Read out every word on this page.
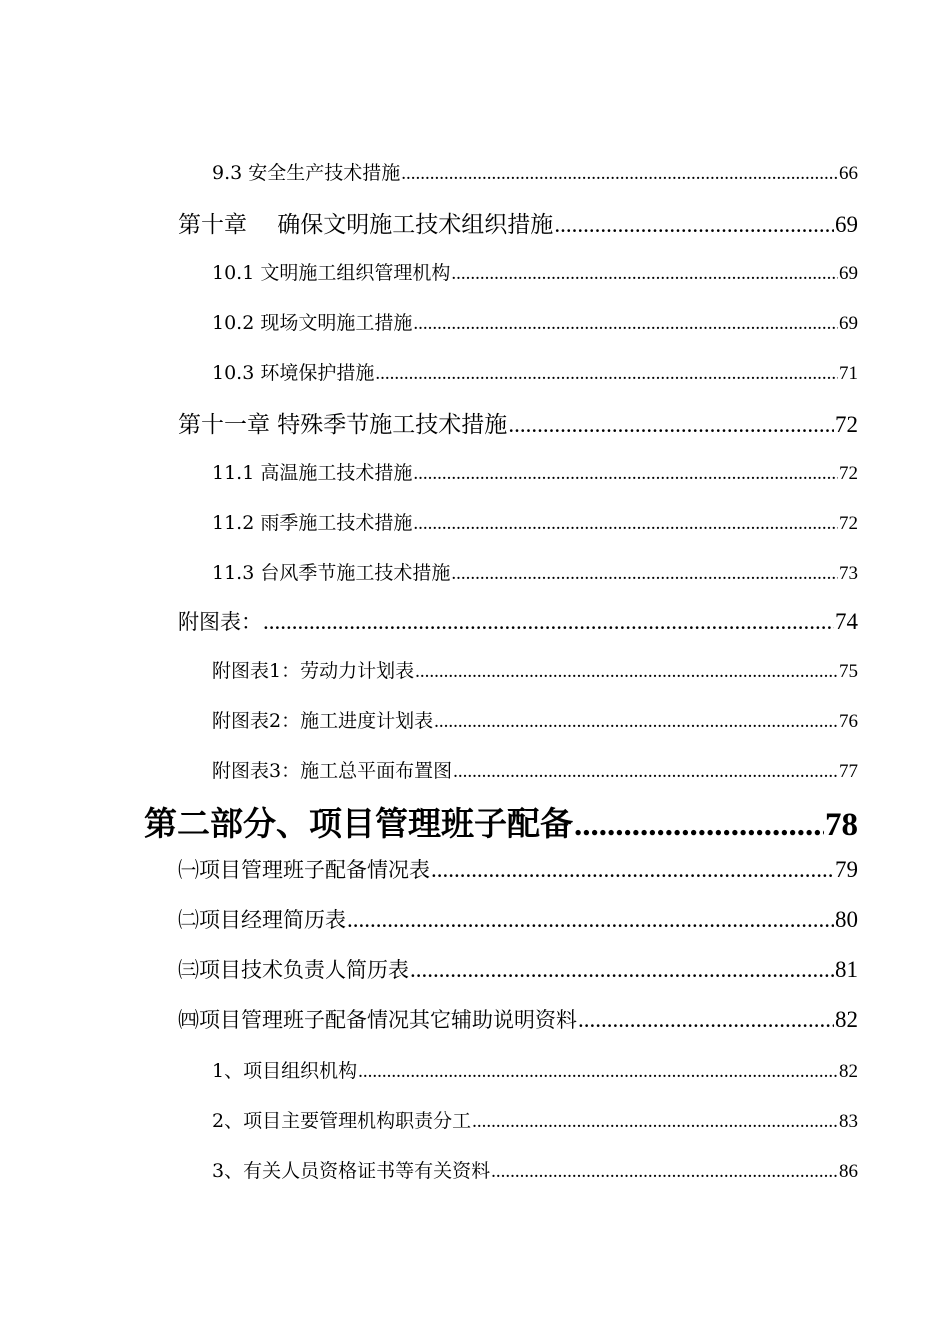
9.3 安全生产技术措施 .....	66
第十章　 确保文明施工技术组织措施 .....	69
10.1 文明施工组织管理机构 .....	69
10.2 现场文明施工措施 .....	69
10.3 环境保护措施 .....	71
第十一章 特殊季节施工技术措施 .....	72
11.1 高温施工技术措施 .....	72
11.2 雨季施工技术措施 .....	72
11.3 台风季节施工技术措施 .....	73
附图表： .....	74
附图表1：劳动力计划表 .....	75
附图表2：施工进度计划表 .....	76
附图表3：施工总平面布置图 .....	77
第二部分、项目管理班子配备 .....	78
㈠项目管理班子配备情况表 .....	79
㈡项目经理简历表 .....	80
㈢项目技术负责人简历表 .....	81
㈣项目管理班子配备情况其它辅助说明资料 .....	82
1、项目组织机构 .....	82
2、项目主要管理机构职责分工 .....	83
3、有关人员资格证书等有关资料 .....	86
